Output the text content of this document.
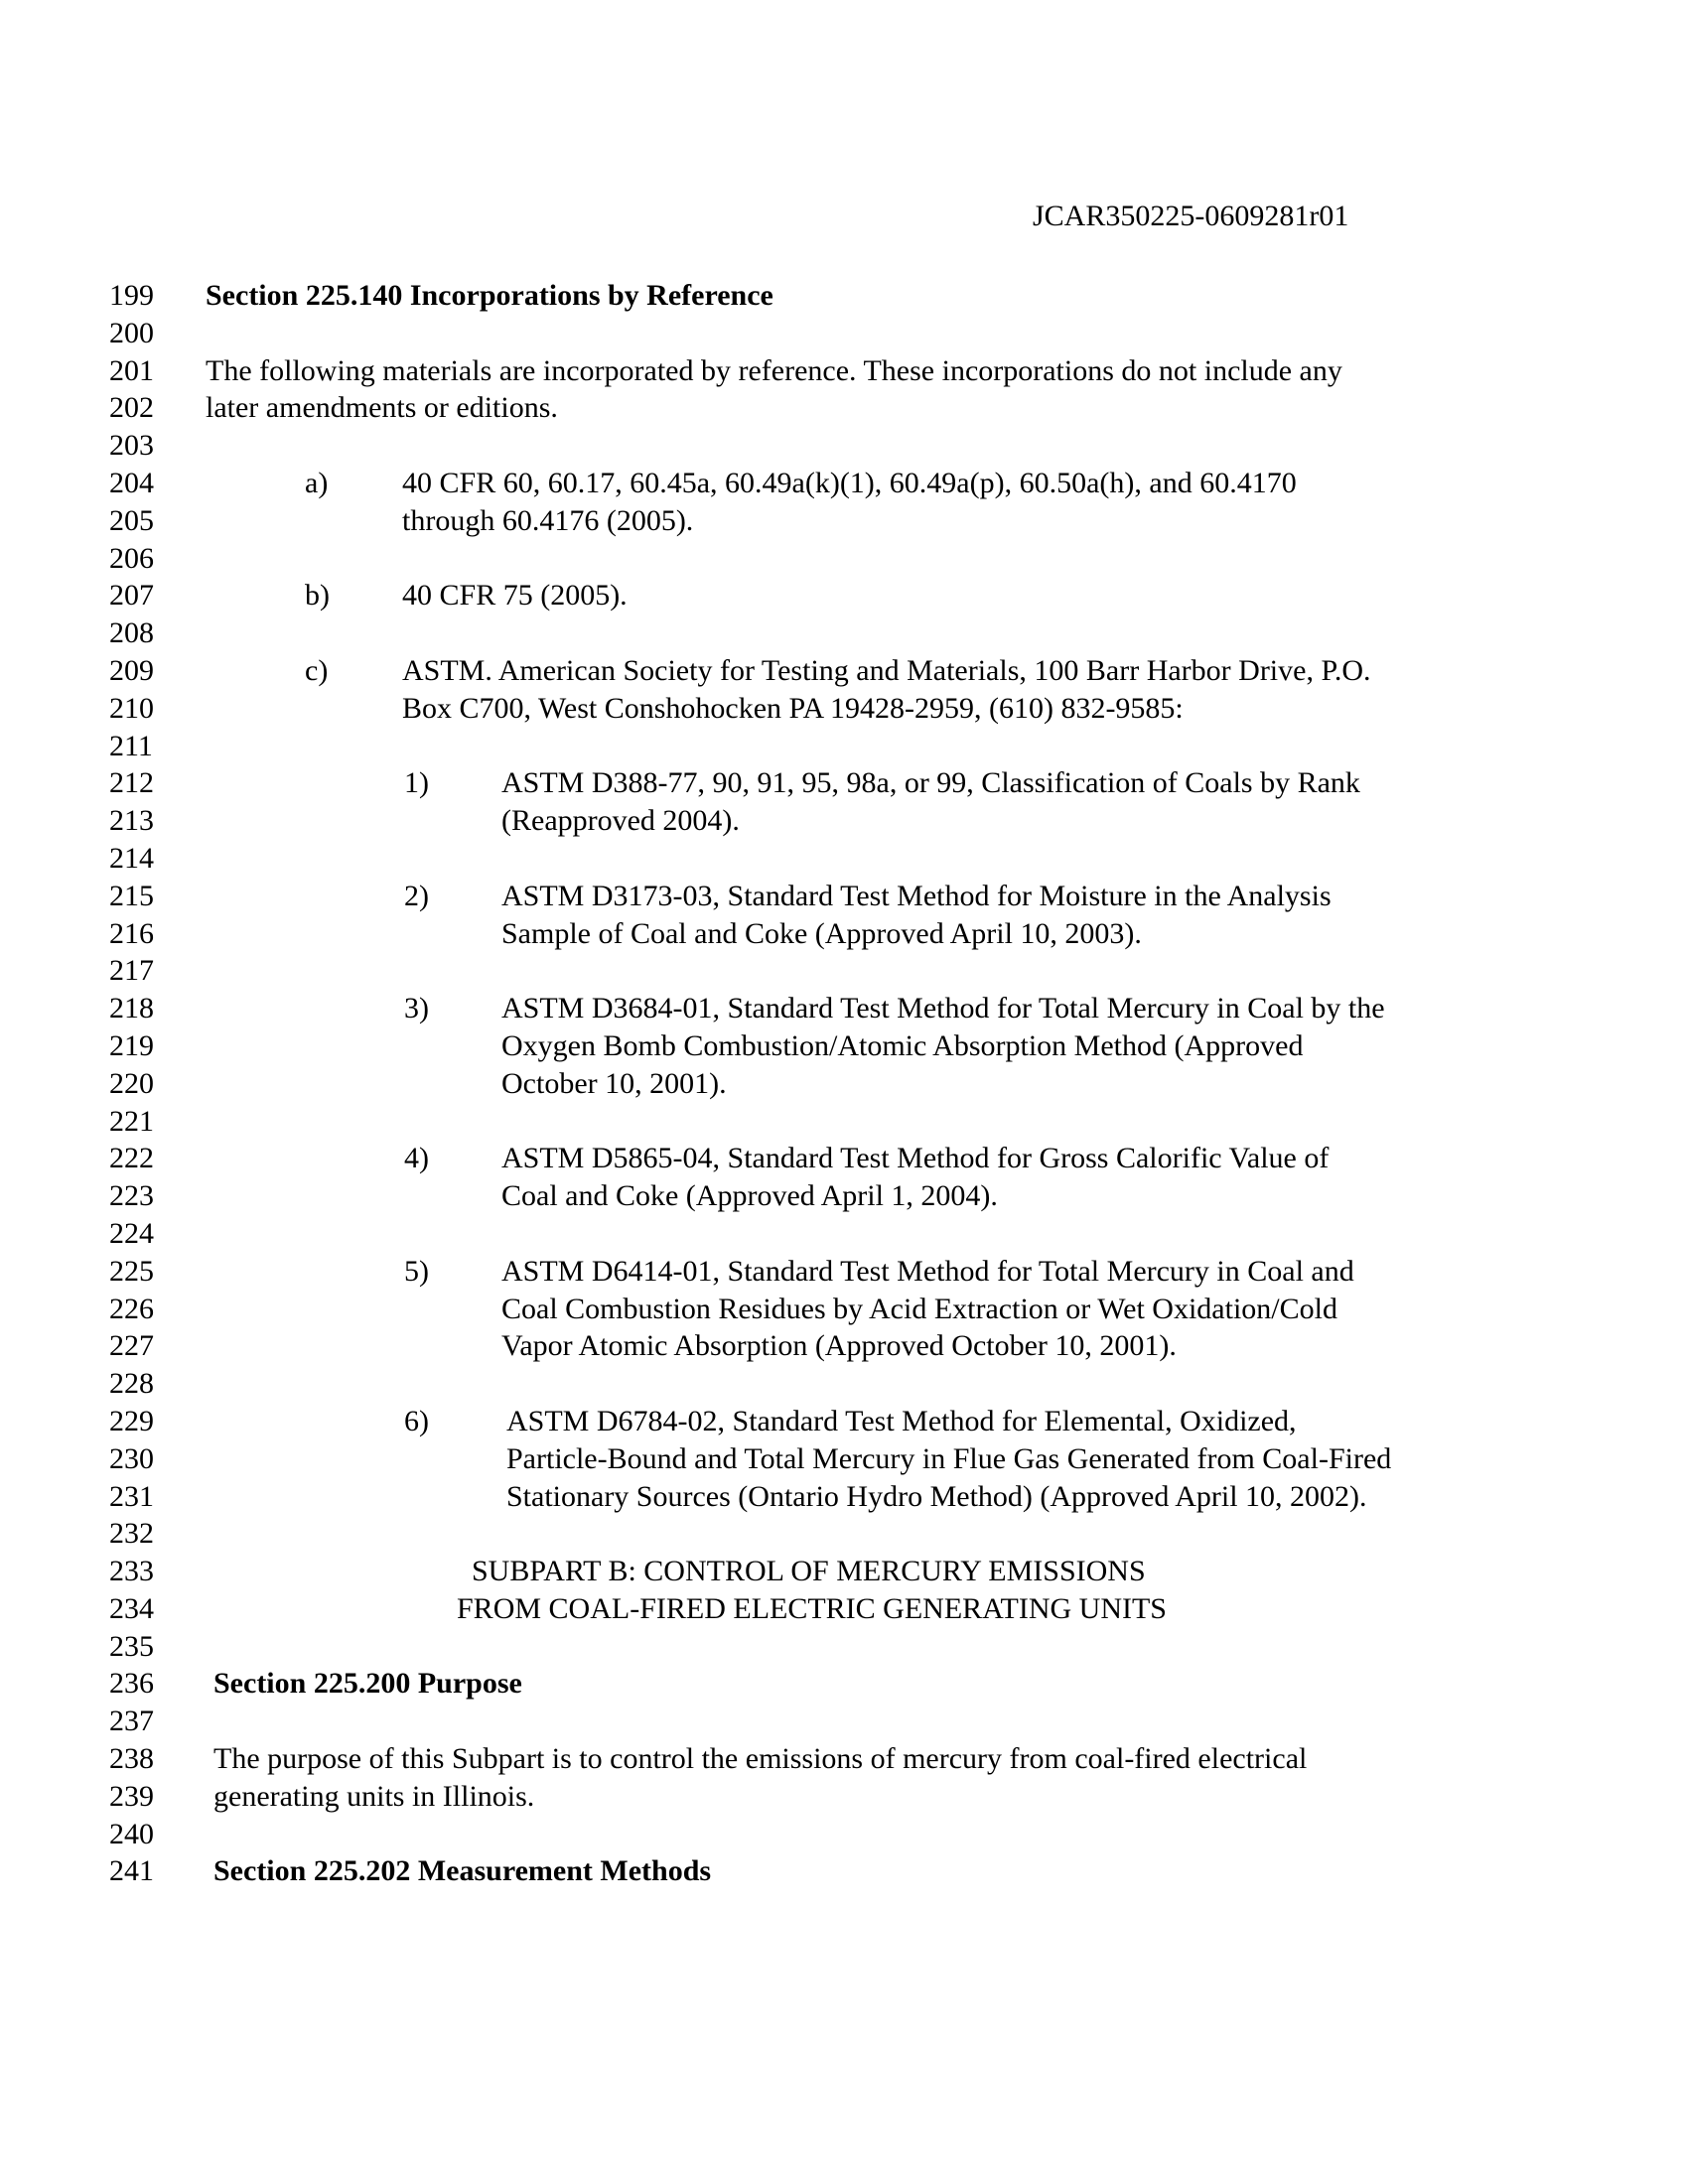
JCAR350225-0609281r01
199	Section 225.140 Incorporations by Reference
200
201	The following materials are incorporated by reference. These incorporations do not include any
202	later amendments or editions.
203
204	a) 40 CFR 60, 60.17, 60.45a, 60.49a(k)(1), 60.49a(p), 60.50a(h), and 60.4170
205	through 60.4176 (2005).
206
207	b) 40 CFR 75 (2005).
208
209	c) ASTM. American Society for Testing and Materials, 100 Barr Harbor Drive, P.O.
210	Box C700, West Conshohocken PA 19428-2959, (610) 832-9585:
211
212	1) ASTM D388-77, 90, 91, 95, 98a, or 99, Classification of Coals by Rank
213	(Reapproved 2004).
214
215	2) ASTM D3173-03, Standard Test Method for Moisture in the Analysis
216	Sample of Coal and Coke (Approved April 10, 2003).
217
218	3) ASTM D3684-01, Standard Test Method for Total Mercury in Coal by the
219	Oxygen Bomb Combustion/Atomic Absorption Method (Approved
220	October 10, 2001).
221
222	4) ASTM D5865-04, Standard Test Method for Gross Calorific Value of
223	Coal and Coke (Approved April 1, 2004).
224
225	5) ASTM D6414-01, Standard Test Method for Total Mercury in Coal and
226	Coal Combustion Residues by Acid Extraction or Wet Oxidation/Cold
227	Vapor Atomic Absorption (Approved October 10, 2001).
228
229	6)	ASTM D6784-02, Standard Test Method for Elemental, Oxidized,
230	Particle-Bound and Total Mercury in Flue Gas Generated from Coal-Fired
231	Stationary Sources (Ontario Hydro Method) (Approved April 10, 2002).
232
233	SUBPART B: CONTROL OF MERCURY EMISSIONS
234	FROM COAL-FIRED ELECTRIC GENERATING UNITS
235
236	Section 225.200 Purpose
237
238	The purpose of this Subpart is to control the emissions of mercury from coal-fired electrical
239	generating units in Illinois.
240
241	Section 225.202 Measurement Methods
